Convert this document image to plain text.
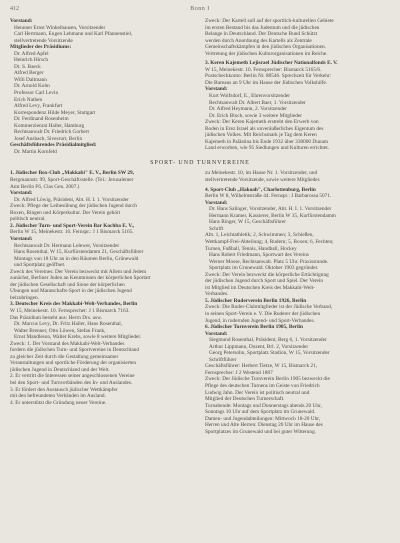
412	Bonn I
Vorstand:
Hennner Ernst Winkelhausen, Vorsitzender
Carl Herrmann, Eugen Lehmann und Karl Pfannenstiel,
stellvertretende Vorsitzende
Mitglieder des Präsidiums:
Dr. Alfred Apfel
Heinrich Hirsch
Dr. S. Baeck
Alfred Berger
Willi Daltmann
Dr. Arnold Kohn
Professor Carl Levin
Erich Nathen
Alfred Levy, Frankfurt
Korrespondenz Hilde Meyer, Stuttgart
Dr. Ferdinand Rosenheim
Kommerzienrat Haller, Hamburg
Rechtsanwalt Dr. Friedrich Gorbert
Josef Ansbach, Sivesrurt, Berlin
Geschäftsführendes Präsidialmitglied:
Dr. Martin Kornfeld
Zweck: Der Kartell soll auf der sportlich-kulturellen Gebiete
im ersten Bestand bis das Judentum und die jüdischen
Belange in Deutschland. Der Deutsche Bund Schützt
werden durch Anordnung des Kartells als Zentrale
Gemeinschaftskämpfen in den jüdischen Organisationen.
Vertretung der jüdischen Kulturorganisationen im Reiche.
3. Keren Kajemeth Lejisrael Jüdischer Nationalfonds E. V.
W 15, Meinekestr. 10. Fernsprecher: Bismarck 5165/6.
Postscheckkonto: Berlin Nr. 88546. Sprechzeit für Verkehr:
Die Bureaus an 9 Uhr im Hause der Jüdischen Volkshilfe.
Vorstand:
Kurt Wolfsdorf, E., Ehrenvorsitzender
Rechtsanwalt Dr. Albert Baer, 1. Vorsitzender
Dr. Alfred Heymann, 2. Vorsitzender
Dr. Erich Bloch, sowie 3 weitere Mitglieder
Zweck: Der Keren Kajemeth erstrebt den Erwerb von
Boden in Erez Israel als unveräußerliches Eigentum des
jüdischen Volkes. Mit Reichsmark je Tag dem Keren
Kajemeth in Palästina bis Ende 1932 über 330000 Dunam
Land erworben, wie 95 Siedlungen und Kulturen errichtet.
SPORT- UND TURNVEREINE
1. Jüdischer Box-Club „Makkabi" E. V., Berlin SW 29,
Bergmannstr. 99, Sport-Geschäftsstelle. (Tel.: Jerusalemer
Amt Berlin F6, Clas Gen. 2007.)
Vorstand:
Dr. Alfred Löwig, Präsident, Abt. H. I. 1. Vorsitzender
Zweck: Pflege der Leibesübung der jüdischen Jugend durch
Boxen, Ringen und Körperkultur. Der Verein gehört
politisch neutral.
2. Jüdischer Turn- und Sport-Verein Bar Kochba E. V.,
Berlin W 15, Meinekestr. 10. Fernspr.: J 1 Bismarck 5165.
Vorstand:
Rechtsanwalt Dr. Hermann Lelewer, Vorsitzender
Hans Rosenthal, W 15, Kurfürstendamm 21, Geschäftsführer
Montags von 18 Uhr an in den Räumen Berlin, Grünewald
und Sportplatz geöffnet.
Zweck des Vereines: Der Verein bezweckt mit Allem und Jedem
zunächst, Berliner Juden an Kenntnissen der körperlichen Sportart
der jüdischen Gesellschaft und Sinne der körperlichen
Übungen und Mannschafts-Sport in der jüdischen Jugend
beizubringen.
3. Deutscher Kreis des Makkabi-Welt-Verbandes, Berlin
W 15, Meinekestr. 10. Fernsprecher: J 1 Bismarck 7163.
Das Präsidium besteht aus: Herrn Drs. usw.
Dr. Marcus Levy, Dr. Fritz Haller, Hans Rosenthal,
Walter Brenner, Otto Löwen, Stefan Frank,
Ernst Mandleson, Walter Krebs, sowie 8 weitere Mitglieder.
Zweck: 1. Der Vorstand des Makkabi-Welt-Verbandes
fordern die jüdischen Turn- und Sportvereine in Deutschland
zu gleicher Zeit durch die Gestaltung gemeinsamer
Veranstaltungen und sportliche Förderung der organisierten
jüdischen Jugend in Deutschland und der Welt.
2. Er vertritt die Interessen seiner angeschlossenen Vereine
bei den Sport- und Turnverbänden des In- und Auslandes.
3. Er fördert den Austausch jüdischer Wettkämpfer
mit den befreundeten Verbänden im Ausland.
4. Er unterstützt die Gründung neuer Vereine.
zu Meinekestr. 10, im Hause Nr. 1. Vorsitzender, und
stellvertretende Vorsitzende, sowie weitere Mitglieder.
4. Sport-Club „Hakoah", Charlottenburg, Berlin
Berlin W 8, Wilhelmstraße 44. Fernspr.: J Barbarossa 5071.
Vorstand:
Dr. Hans Salinger, Vorsitzender, Abt. H. I. 1. Vorsitzender
Hermann Kramer, Kassierer, Berlin W 15, Kurfürstendamm
Hans Ringer, W 15, Geschäftsführer
Schrift
Abt. 1, Leichtathletik; 2, Schwimmen; 3, Schießen,
Wettkampf-Frei-Abteilung; 4, Rudern; 5, Boxen; 6, Fechten;
Turnen, Fußball, Tennis, Handball, Hockey
Hans Robert Friedmann, Sportwart des Vereins
Werner Mosse, Rechtsanwalt. Platz 5 Uhr. Praxisstunde.
Sportplatz im Grunewald. Oktober 1903 gegründet.
Zweck: Der Verein bezweckt die körperliche Ertüchtigung
der jüdischen Jugend durch Sport und Spiel. Der Verein
ist Mitglied im Deutschen Kreis des Makkabi-Welt-
Verbandes.
5. Jüdischer Ruderverein Berlin 1926, Berlin
Zweck: Die Ruder-Clubmitglieder ist der Jüdische Verband,
in seinen Sport-Verein e. V. Die Ruderer der jüdischen
Jugend, in rudernden Jugend- und Sport-Verbandes.
6. Jüdischer Turnverein Berlin 1905, Berlin
Vorstand:
Siegmund Rosenthal, Präsident, Berg 6, 1. Vorsitzender
Arthur Lippmann, Dozent, Brl. 2, Vorsitzender
Georg Petersohn, Sportplatz Stadion, W 15, Vorsitzender
Schriftführer
Geschäftsführer: Herbert Tietze, W 15, Bismarck 21,
Fernsprecher: J 2 Westend 1887
Zweck: Der Jüdische Turnverein Berlin 1905 bezweckt die
Pflege des deutschen Turnens im Geiste von Friedrich
Ludwig Jahn. Der Verein ist politisch neutral und
Mitglied der Deutschen Turnerschaft.
Turnabende: Montags und Donnerstags abends 20 Uhr,
Sonntags 10 Uhr auf dem Sportplatz im Grunewald.
Damen- und Jugendabteilungen: Mittwoch 18-20 Uhr,
Herren und Alte Herren: Dienstag 20 Uhr im Hause des
Sportplatzes im Grunewald und bei guter Witterung.
